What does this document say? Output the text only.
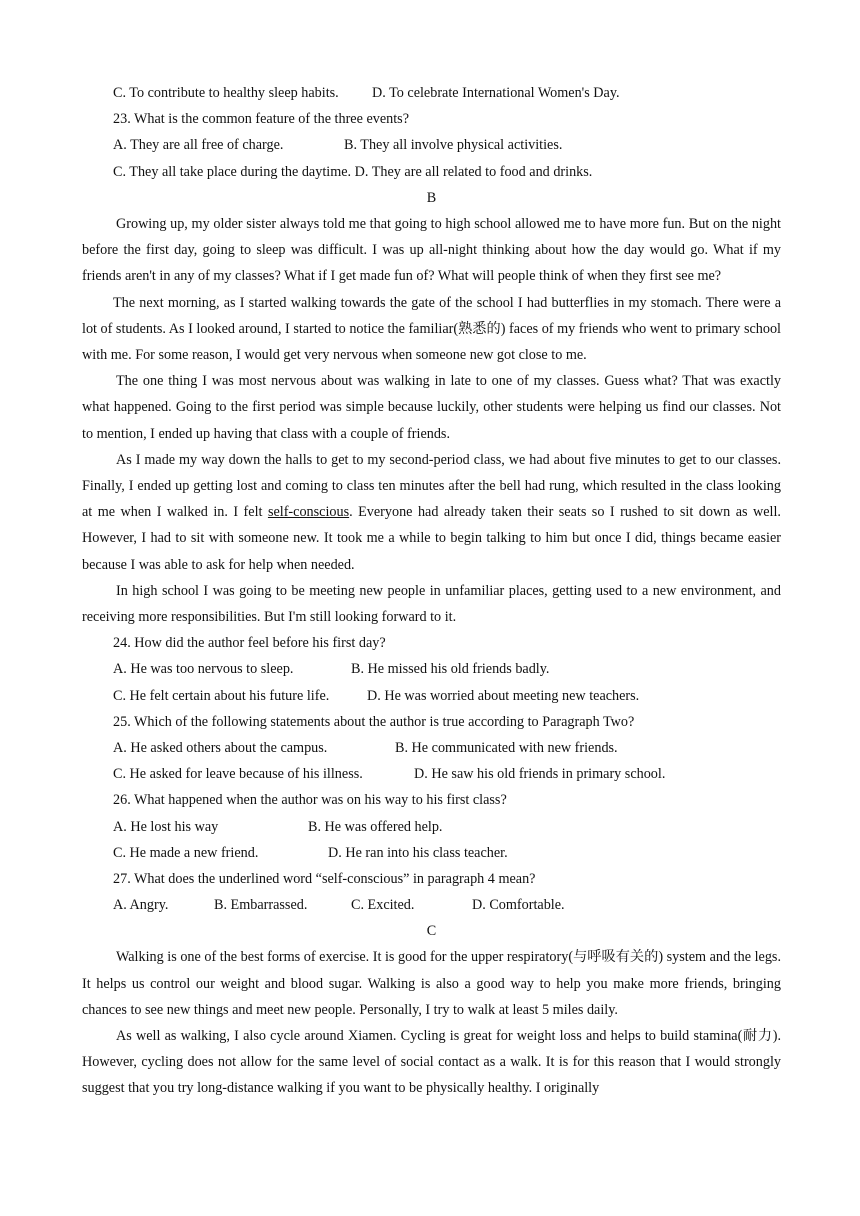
C. To contribute to healthy sleep habits. D. To celebrate International Women's Day.
23. What is the common feature of the three events?
A. They are all free of charge.	B. They all involve physical activities.
C. They all take place during the daytime. D. They are all related to food and drinks.
B
Growing up, my older sister always told me that going to high school allowed me to have more fun. But on the night before the first day, going to sleep was difficult. I was up all-night thinking about how the day would go. What if my friends aren't in any of my classes? What if I get made fun of? What will people think of when they first see me?
The next morning, as I started walking towards the gate of the school I had butterflies in my stomach. There were a lot of students. As I looked around, I started to notice the familiar(熟悉的) faces of my friends who went to primary school with me. For some reason, I would get very nervous when someone new got close to me.
The one thing I was most nervous about was walking in late to one of my classes. Guess what? That was exactly what happened. Going to the first period was simple because luckily, other students were helping us find our classes. Not to mention, I ended up having that class with a couple of friends.
As I made my way down the halls to get to my second-period class, we had about five minutes to get to our classes. Finally, I ended up getting lost and coming to class ten minutes after the bell had rung, which resulted in the class looking at me when I walked in. I felt self-conscious. Everyone had already taken their seats so I rushed to sit down as well. However, I had to sit with someone new. It took me a while to begin talking to him but once I did, things became easier because I was able to ask for help when needed.
In high school I was going to be meeting new people in unfamiliar places, getting used to a new environment, and receiving more responsibilities. But I'm still looking forward to it.
24. How did the author feel before his first day?
A. He was too nervous to sleep.	B. He missed his old friends badly.
C. He felt certain about his future life.	D. He was worried about meeting new teachers.
25. Which of the following statements about the author is true according to Paragraph Two?
A. He asked others about the campus.	B. He communicated with new friends.
C. He asked for leave because of his illness.	D. He saw his old friends in primary school.
26. What happened when the author was on his way to his first class?
A. He lost his way	B. He was offered help.
C. He made a new friend.	D. He ran into his class teacher.
27. What does the underlined word “self-conscious” in paragraph 4 mean?
A. Angry.	B. Embarrassed.	C. Excited.	D. Comfortable.
C
Walking is one of the best forms of exercise. It is good for the upper respiratory(与呼吸有关的) system and the legs. It helps us control our weight and blood sugar. Walking is also a good way to help you make more friends, bringing chances to see new things and meet new people. Personally, I try to walk at least 5 miles daily.
As well as walking, I also cycle around Xiamen. Cycling is great for weight loss and helps to build stamina(耐力). However, cycling does not allow for the same level of social contact as a walk. It is for this reason that I would strongly suggest that you try long-distance walking if you want to be physically healthy. I originally
